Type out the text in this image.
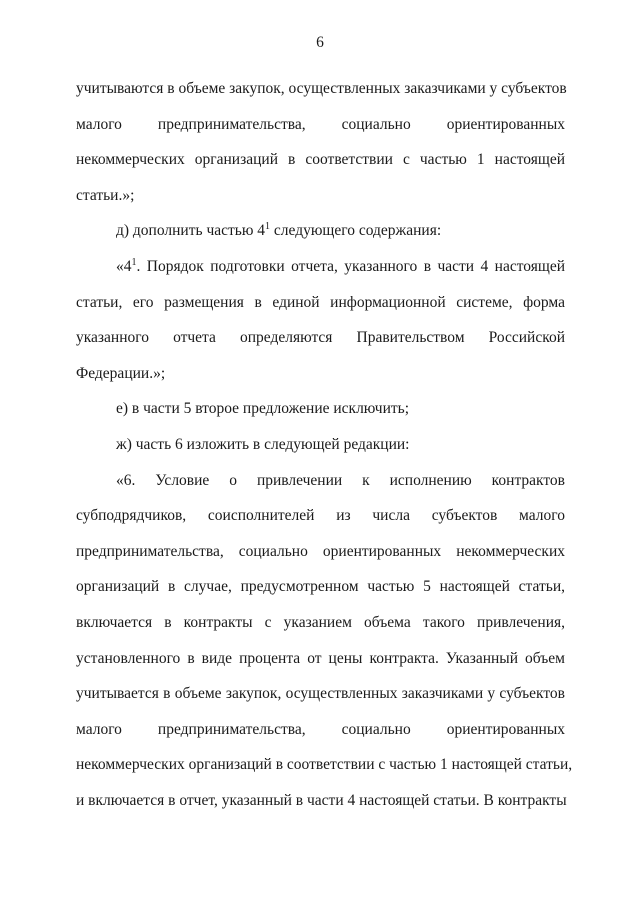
6
учитываются в объеме закупок, осуществленных заказчиками у субъектов
малого предпринимательства, социально ориентированных
некоммерческих организаций в соответствии с частью 1 настоящей
статьи.»;
д) дополнить частью $4^1$ следующего содержания:
«$4^1$. Порядок подготовки отчета, указанного в части 4 настоящей
статьи, его размещения в единой информационной системе, форма
указанного отчета определяются Правительством Российской
Федерации.»;
е) в части 5 второе предложение исключить;
ж) часть 6 изложить в следующей редакции:
«6. Условие о привлечении к исполнению контрактов
субподрядчиков, соисполнителей из числа субъектов малого
предпринимательства, социально ориентированных некоммерческих
организаций в случае, предусмотренном частью 5 настоящей статьи,
включается в контракты с указанием объема такого привлечения,
установленного в виде процента от цены контракта. Указанный объем
учитывается в объеме закупок, осуществленных заказчиками у субъектов
малого предпринимательства, социально ориентированных
некоммерческих организаций в соответствии с частью 1 настоящей статьи,
и включается в отчет, указанный в части 4 настоящей статьи. В контракты
